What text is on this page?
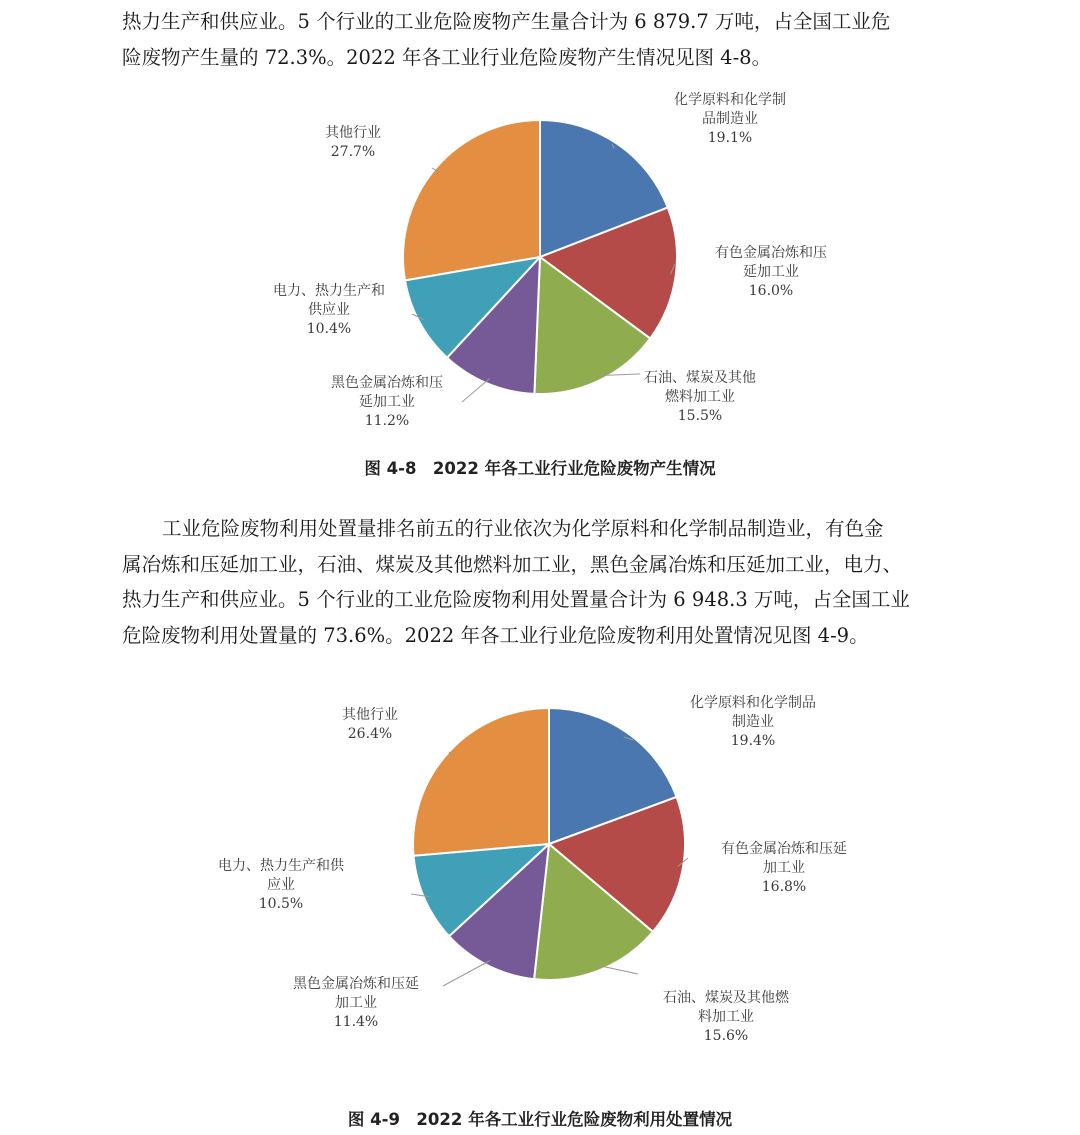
热力生产和供应业。5 个行业的工业危险废物产生量合计为 6 879.7 万吨，占全国工业危
险废物产生量的 72.3%。2022 年各工业行业危险废物产生情况见图 4-8。
化学原料和化学制品制造业 19.1%
有色金属冶炼和压延加工业 16.0%
石油、煤炭及其他燃料加工业 15.5%
黑色金属冶炼和压延加工业 11.2%
电力、热力生产和供应业 10.4%
其他行业 27.7%

图 4-8　2022 年各工业行业危险废物产生情况

工业危险废物利用处置量排名前五的行业依次为化学原料和化学制品制造业，有色金
属冶炼和压延加工业，石油、煤炭及其他燃料加工业，黑色金属冶炼和压延加工业，电力、
热力生产和供应业。5 个行业的工业危险废物利用处置量合计为 6 948.3 万吨，占全国工业
危险废物利用处置量的 73.6%。2022 年各工业行业危险废物利用处置情况见图 4-9。
化学原料和化学制品制造业 19.4%
有色金属冶炼和压延加工业 16.8%
石油、煤炭及其他燃料加工业 15.6%
黑色金属冶炼和压延加工业 11.4%
电力、热力生产和供应业 10.5%
其他行业 26.4%

图 4-9　2022 年各工业行业危险废物利用处置情况
